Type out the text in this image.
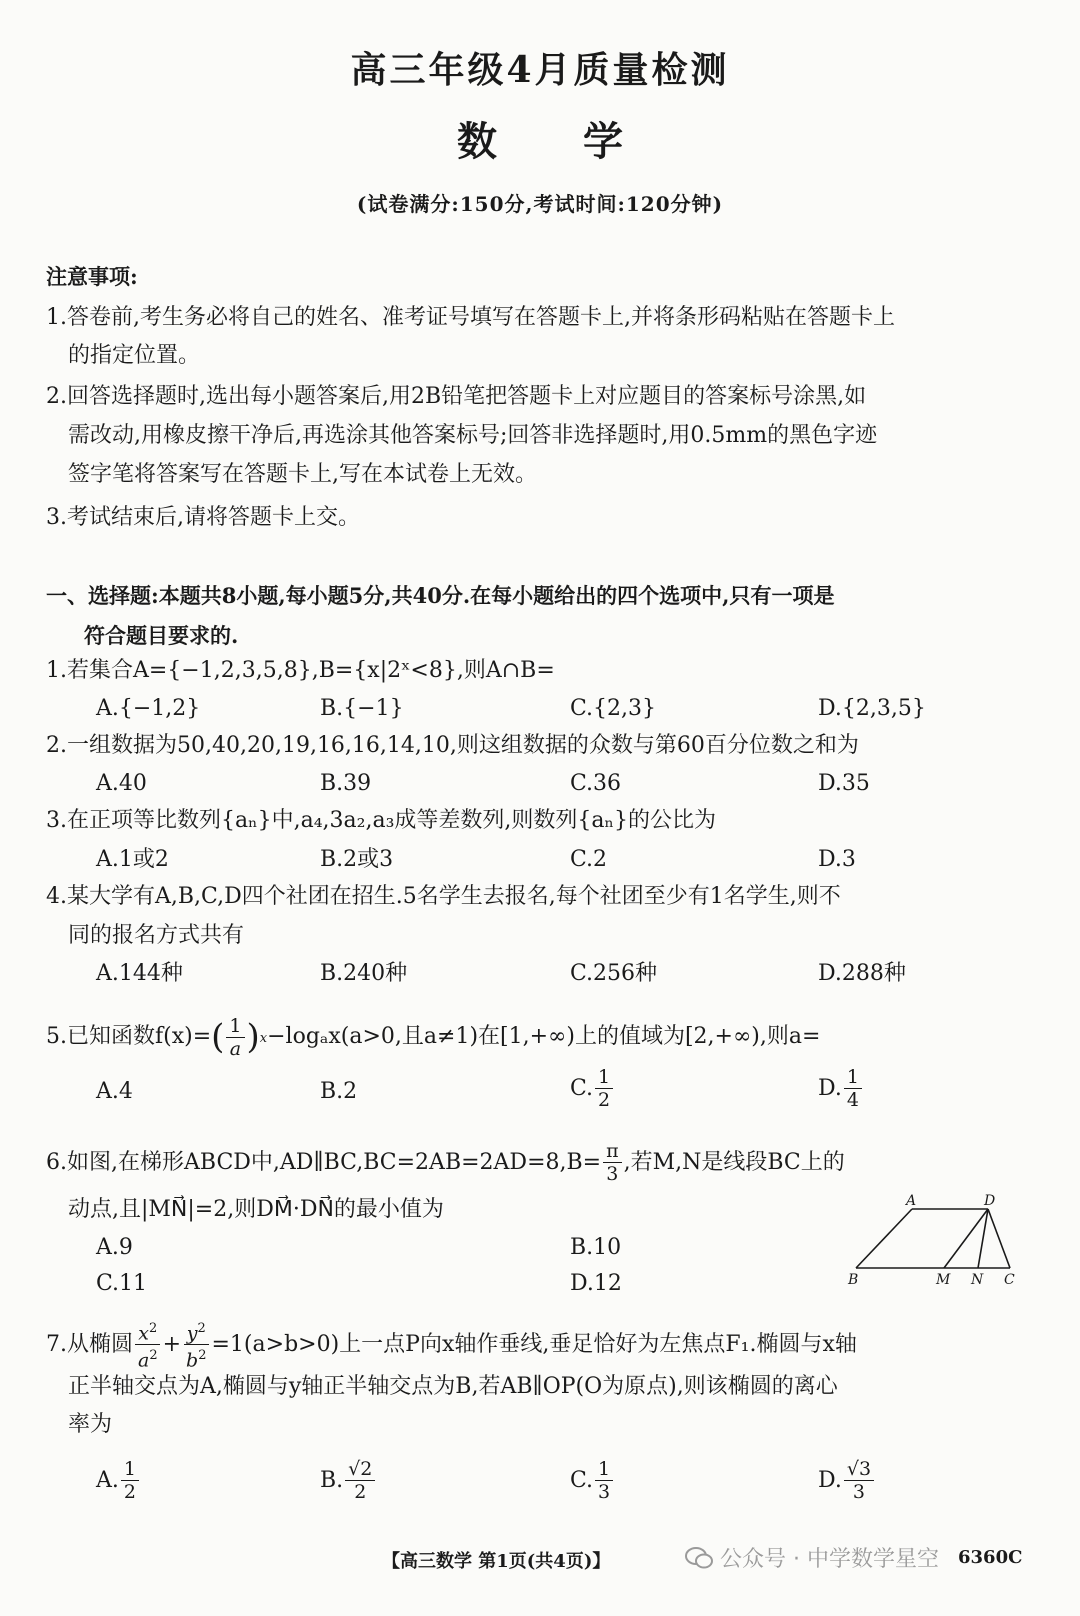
高三年级4月质量检测
数 学
(试卷满分:150分,考试时间:120分钟)
注意事项:
1.答卷前,考生务必将自己的姓名、准考证号填写在答题卡上,并将条形码粘贴在答题卡上
的指定位置。
2.回答选择题时,选出每小题答案后,用2B铅笔把答题卡上对应题目的答案标号涂黑,如
需改动,用橡皮擦干净后,再选涂其他答案标号;回答非选择题时,用0.5mm的黑色字迹
签字笔将答案写在答题卡上,写在本试卷上无效。
3.考试结束后,请将答题卡上交。
一、选择题:本题共8小题,每小题5分,共40分.在每小题给出的四个选项中,只有一项是
符合题目要求的.
1.若集合A={−1,2,3,5,8},B={x|2ˣ<8},则A∩B=
A.{−1,2}	B.{−1}	C.{2,3}	D.{2,3,5}
2.一组数据为50,40,20,19,16,16,14,10,则这组数据的众数与第60百分位数之和为
A.40	B.39	C.36	D.35
3.在正项等比数列{aₙ}中,a₄,3a₂,a₃成等差数列,则数列{aₙ}的公比为
A.1或2	B.2或3	C.2	D.3
4.某大学有A,B,C,D四个社团在招生.5名学生去报名,每个社团至少有1名学生,则不
同的报名方式共有
A.144种	B.240种	C.256种	D.288种
5.已知函数f(x)= ( $\frac{1}{a}$ ) x −logₐx(a>0,且a≠1)在[1,+∞)上的值域为[2,+∞),则a=
A.4	B.2	C. $\frac{1}{2}$	D. $\frac{1}{4}$
6.如图,在梯形ABCD中,AD∥BC,BC=2AB=2AD=8,B= $\frac{\pi}{3}$ ,若M,N是线段BC上的
动点,且|MN⃗|=2,则DM⃗·DN⃗的最小值为
A.9	B.10
C.11	D.12
A	D
B	M N C
7.从椭圆 $\frac{x^2}{a^2} + \frac{y^2}{b^2} =1(a>b>0)$上一点P向x轴作垂线,垂足恰好为左焦点F₁.椭圆与x轴
正半轴交点为A,椭圆与y轴正半轴交点为B,若AB∥OP(O为原点),则该椭圆的离心
率为
A. $\frac{1}{2}$	B. $\frac{√2}{2}$	C. $\frac{1}{3}$	D. $\frac{√3}{3}$
【高三数学 第1页(共4页)】	6360C
公众号 · 中学数学星空
